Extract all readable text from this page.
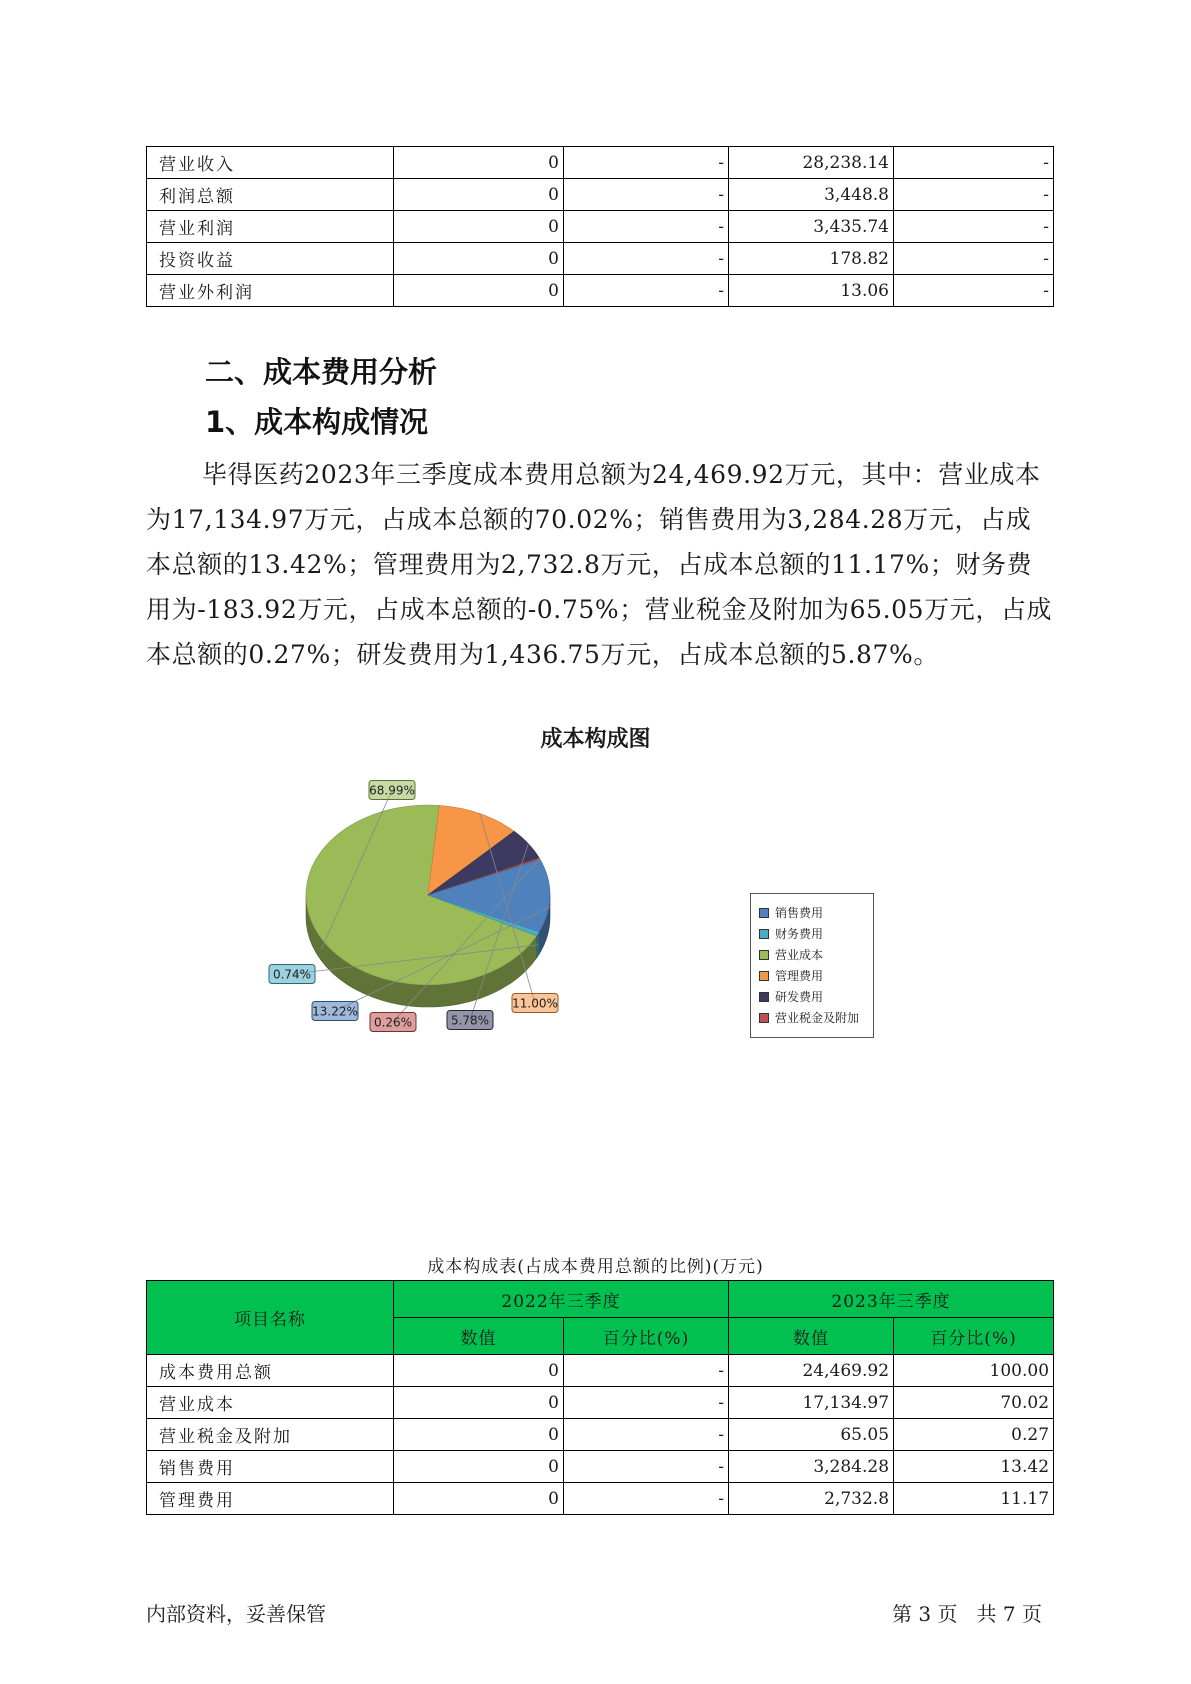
营业收入	0	-	28,238.14	-
利润总额	0	-	3,448.8	-
营业利润	0	-	3,435.74	-
投资收益	0	-	178.82	-
营业外利润	0	-	13.06	-
二、成本费用分析
1、成本构成情况

毕得医药2023年三季度成本费用总额为24,469.92万元，其中：营业成本为17,134.97万元，占成本总额的70.02%；销售费用为3,284.28万元，占成本总额的13.42%；管理费用为2,732.8万元，占成本总额的11.17%；财务费用为-183.92万元，占成本总额的-0.75%；营业税金及附加为65.05万元，占成本总额的0.27%；研发费用为1,436.75万元，占成本总额的5.87%。

成本构成图
68.99%
11.00%
5.78%
0.26%
13.22%
0.74%
销售费用
财务费用
营业成本
管理费用
研发费用
营业税金及附加
成本构成表(占成本费用总额的比例)(万元)
项目名称	2022年三季度		2023年三季度	
	数值	百分比(%)	数值	百分比(%)
成本费用总额	0	-	24,469.92	100.00
营业成本	0	-	17,134.97	70.02
营业税金及附加	0	-	65.05	0.27
销售费用	0	-	3,284.28	13.42
管理费用	0	-	2,732.8	11.17
内部资料，妥善保管	第 3 页   共 7 页
